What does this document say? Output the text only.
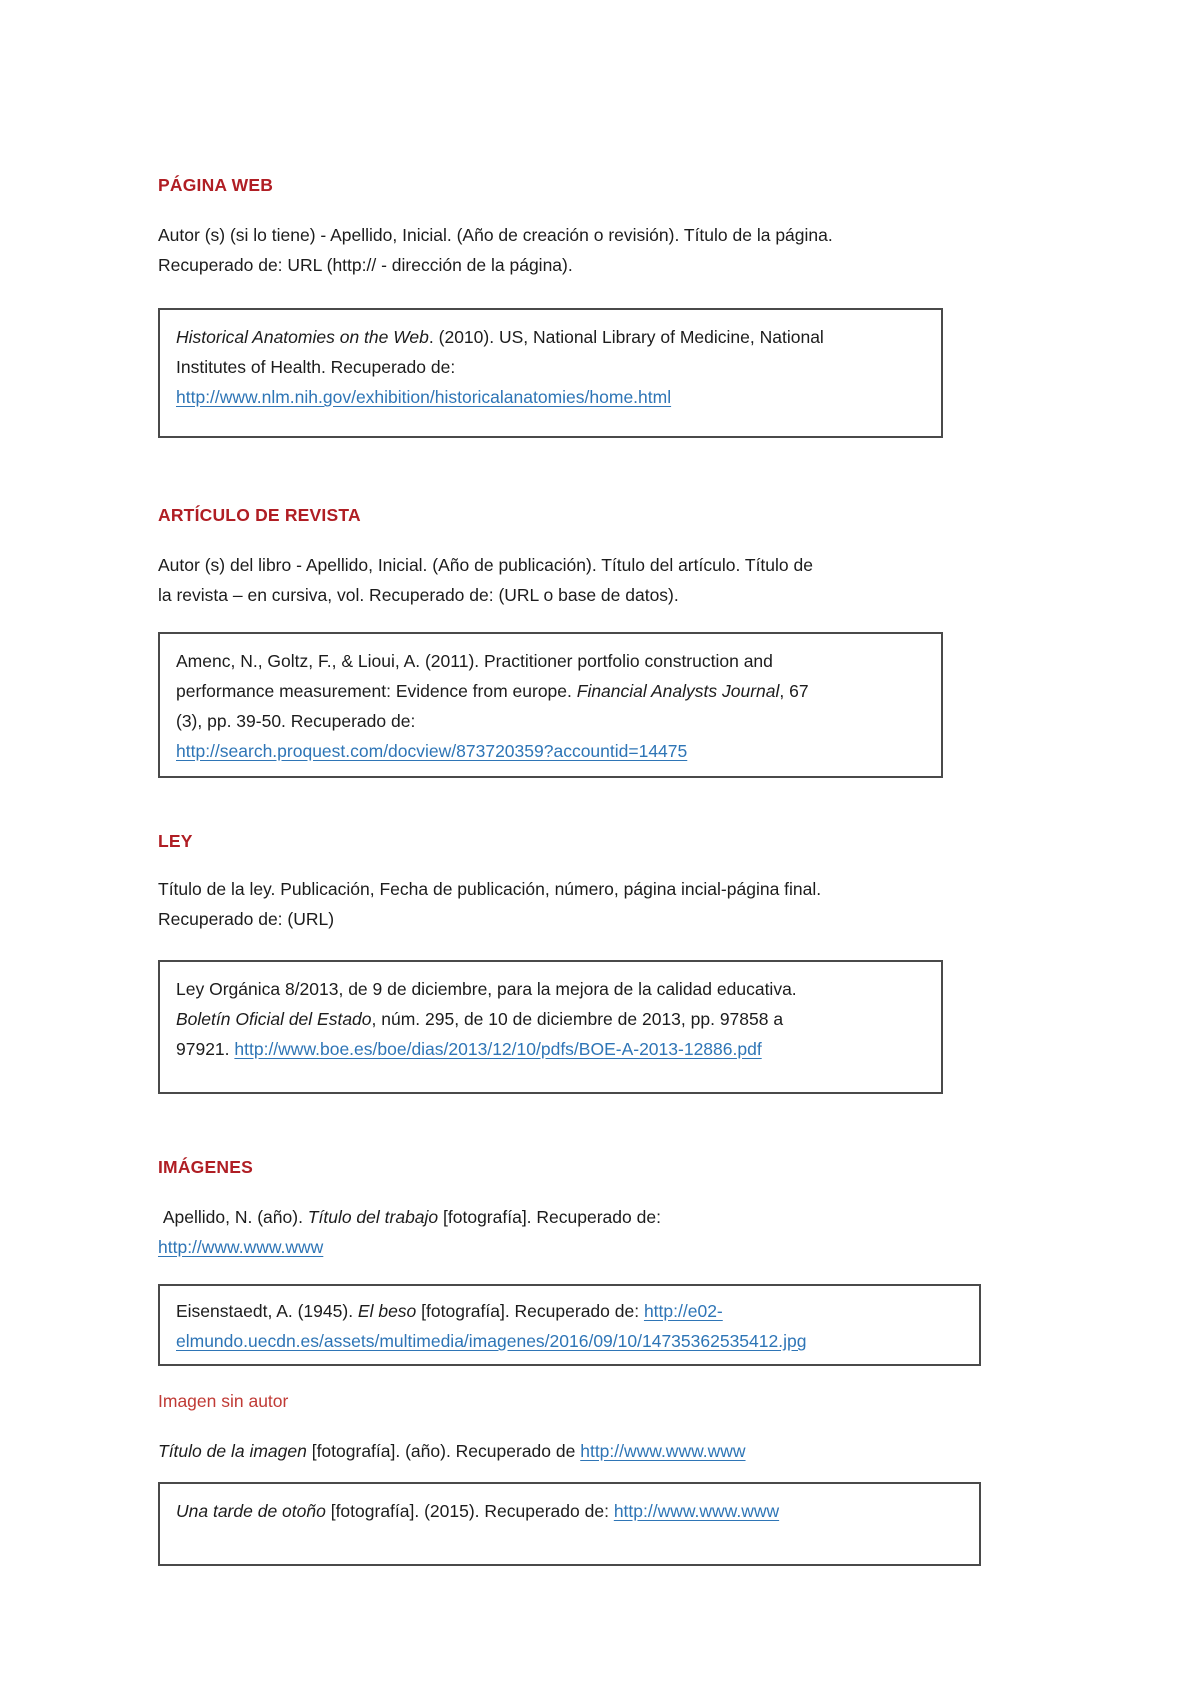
PÁGINA WEB

Autor (s) (si lo tiene) - Apellido, Inicial. (Año de creación o revisión). Título de la página.
Recuperado de: URL (http:// - dirección de la página).

Historical Anatomies on the Web. (2010). US, National Library of Medicine, National
Institutes of Health. Recuperado de:
http://www.nlm.nih.gov/exhibition/historicalanatomies/home.html

ARTÍCULO DE REVISTA

Autor (s) del libro - Apellido, Inicial. (Año de publicación). Título del artículo. Título de
la revista – en cursiva, vol. Recuperado de: (URL o base de datos).

Amenc, N., Goltz, F., & Lioui, A. (2011). Practitioner portfolio construction and
performance measurement: Evidence from europe. Financial Analysts Journal, 67
(3), pp. 39-50. Recuperado de:
http://search.proquest.com/docview/873720359?accountid=14475

LEY

Título de la ley. Publicación, Fecha de publicación, número, página incial-página final.
Recuperado de: (URL)

Ley Orgánica 8/2013, de 9 de diciembre, para la mejora de la calidad educativa.
Boletín Oficial del Estado, núm. 295, de 10 de diciembre de 2013, pp. 97858 a
97921. http://www.boe.es/boe/dias/2013/12/10/pdfs/BOE-A-2013-12886.pdf

IMÁGENES

Apellido, N. (año). Título del trabajo [fotografía]. Recuperado de:
http://www.www.www

Eisenstaedt, A. (1945). El beso [fotografía]. Recuperado de: http://e02-
elmundo.uecdn.es/assets/multimedia/imagenes/2016/09/10/14735362535412.jpg

Imagen sin autor

Título de la imagen [fotografía]. (año). Recuperado de http://www.www.www

Una tarde de otoño [fotografía]. (2015). Recuperado de: http://www.www.www
